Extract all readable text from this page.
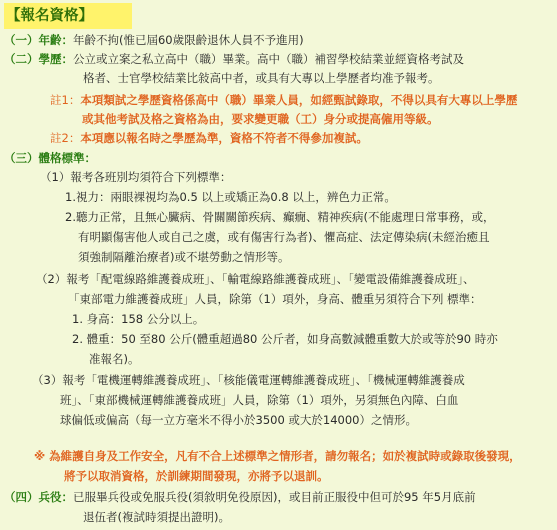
【報名資格】
（一）年齡：年齡不拘(惟已屆60歲限齡退休人員不予進用)
（二）學歷：公立或立案之私立高中（職）畢業。高中（職）補習學校結業並經資格考試及
格者、士官學校結業比敍高中者，或具有大專以上學歷者均准予報考。
註1：本項類試之學歷資格係高中（職）畢業人員，如經甄試錄取，不得以具有大專以上學歷
或其他考試及格之資格為由，要求變更職（工）身分或提高僱用等級。
註2：本項應以報名時之學歷為準，資格不符者不得參加複試。
（三）體格標準：
（1）報考各班別均須符合下列標準：
1.視力：兩眼裸視均為0.5 以上或矯正為0.8 以上，辨色力正常。
2.聽力正常，且無心臟病、骨關關節疾病、癲癇、精神疾病(不能處理日常事務，或，
有明顯傷害他人或自己之虞，或有傷害行為者)、懼高症、法定傳染病(未經治癒且
須強制隔離治療者)或不堪勞動之情形等。
（2）報考「配電線路維護養成班」、「輸電線路維護養成班」、「變電設備維護養成班」、
「東部電力維護養成班」人員，除第（1）項外，身高、體重另須符合下列 標準：
1. 身高：158 公分以上。
2. 體重：50 至80 公斤(體重超過80 公斤者，如身高數減體重數大於或等於90 時亦
准報名)。
（3）報考「電機運轉維護養成班」、「核能儀電運轉維護養成班」、「機械運轉維護養成
班」、「東部機械運轉維護養成班」人員，除第（1）項外，另須無色內障、白血
球偏低或偏高（每一立方毫米不得小於3500 或大於14000）之情形。
※ 為維護自身及工作安全，凡有不合上述標準之情形者，請勿報名；如於複試時或錄取後發現，
將予以取消資格，於訓練期間發現，亦將予以退訓。
（四）兵役：已服畢兵役或免服兵役(須敘明免役原因)，或目前正服役中但可於95 年5月底前
退伍者(複試時須提出證明)。
